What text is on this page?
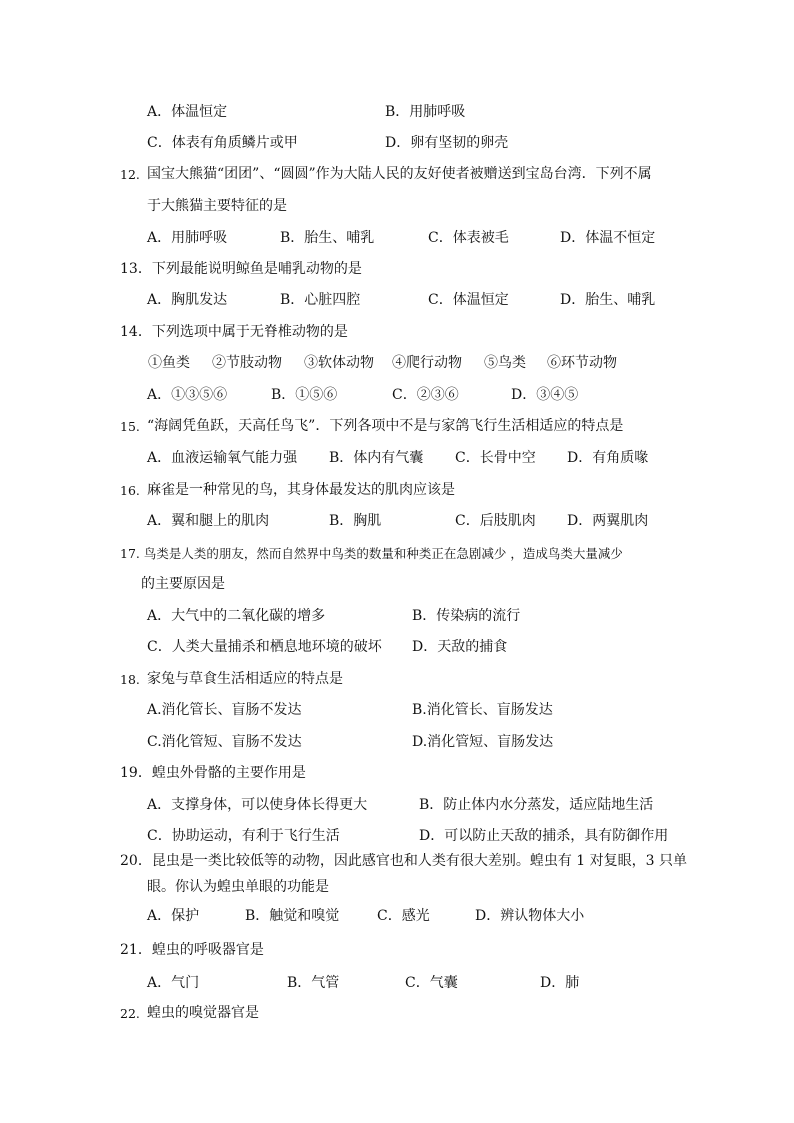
A．体温恒定	B．用肺呼吸
C．体表有角质鳞片或甲	D．卵有坚韧的卵壳
12. 国宝大熊猫“团团”、“圆圆”作为大陆人民的友好使者被赠送到宝岛台湾．下列不属
于大熊猫主要特征的是
A．用肺呼吸	B．胎生、哺乳	C．体表被毛	D．体温不恒定
13．下列最能说明鲸鱼是哺乳动物的是
A．胸肌发达	B．心脏四腔	C．体温恒定	D．胎生、哺乳
14．下列选项中属于无脊椎动物的是
①鱼类 ②节肢动物 ③软体动物 ④爬行动物 ⑤鸟类 ⑥环节动物
A．①③⑤⑥	B．①⑤⑥	C．②③⑥	D．③④⑤
15. “海阔凭鱼跃，天高任鸟飞”．下列各项中不是与家鸽飞行生活相适应的特点是
A．血液运输氧气能力强 B．体内有气囊 C．长骨中空 D．有角质喙
16. 麻雀是一种常见的鸟，其身体最发达的肌肉应该是
A．翼和腿上的肌肉	B．胸肌	C．后肢肌肉 D．两翼肌肉
17. 鸟类是人类的朋友，然而自然界中鸟类的数量和种类正在急剧减少 ，造成鸟类大量减少
的主要原因是
A．大气中的二氧化碳的增多	B．传染病的流行
C．人类大量捕杀和栖息地环境的破坏 D．天敌的捕食
18. 家兔与草食生活相适应的特点是
A.消化管长、盲肠不发达	B.消化管长、盲肠发达
C.消化管短、盲肠不发达	D.消化管短、盲肠发达
19．蝗虫外骨骼的主要作用是
A．支撑身体，可以使身体长得更大	B．防止体内水分蒸发，适应陆地生活
C．协助运动，有利于飞行生活	D．可以防止天敌的捕杀，具有防御作用
20．昆虫是一类比较低等的动物，因此感官也和人类有很大差别。蝗虫有 1 对复眼，3 只单
眼。你认为蝗虫单眼的功能是
A．保护	B．触觉和嗅觉	C．感光	D．辨认物体大小
21．蝗虫的呼吸器官是
A．气门	B．气管	C．气囊	D．肺
22. 蝗虫的嗅觉器官是
